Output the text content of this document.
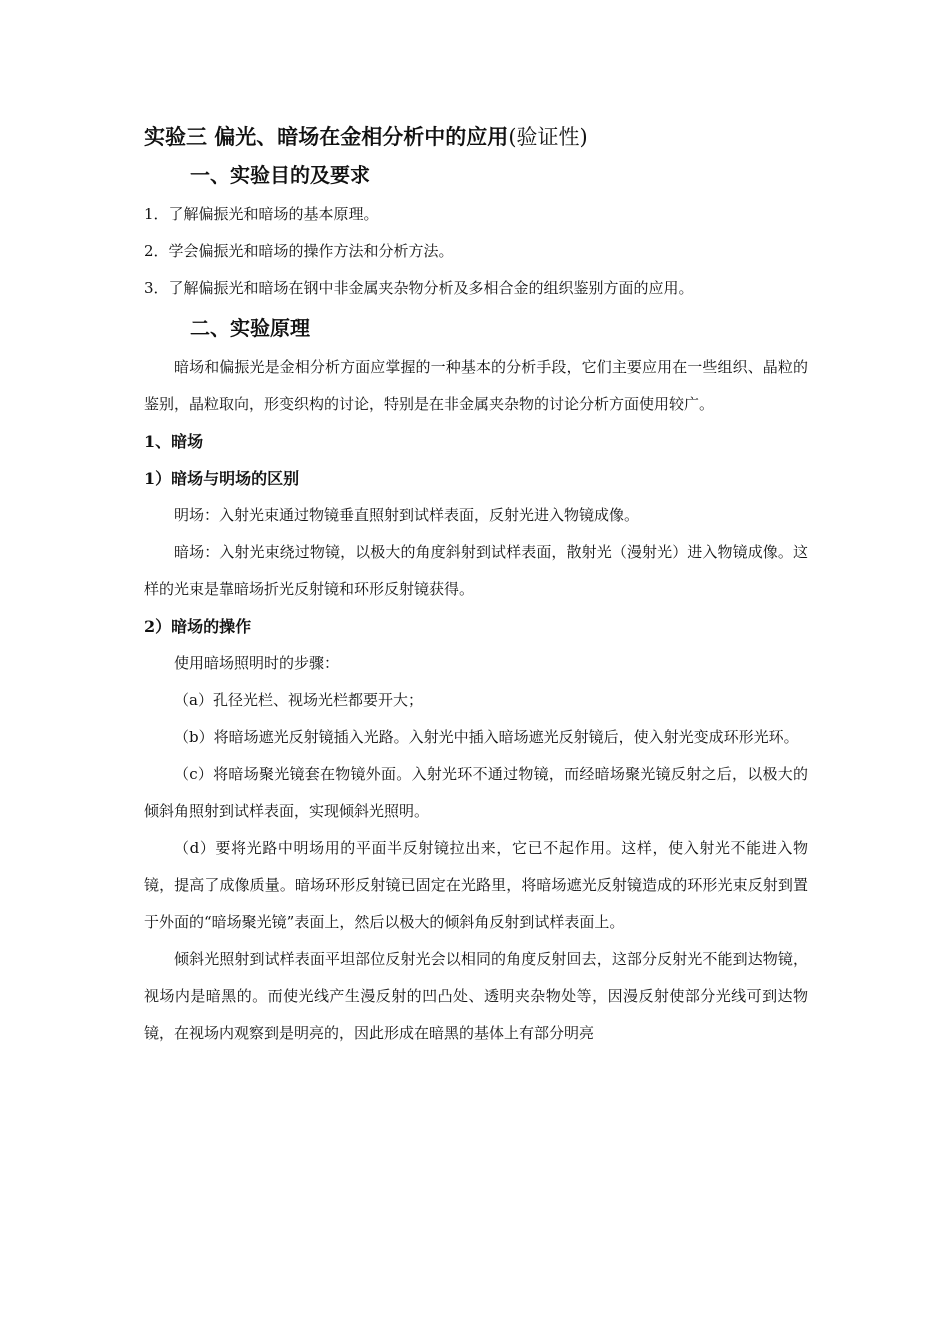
实验三 偏光、暗场在金相分析中的应用(验证性)
一、实验目的及要求

1．了解偏振光和暗场的基本原理。

2．学会偏振光和暗场的操作方法和分析方法。

3．了解偏振光和暗场在钢中非金属夹杂物分析及多相合金的组织鉴别方面的应用。

二、实验原理

暗场和偏振光是金相分析方面应掌握的一种基本的分析手段，它们主要应用在一些组织、晶粒的鉴别，晶粒取向，形变织构的讨论，特别是在非金属夹杂物的讨论分析方面使用较广。

1、暗场

1）暗场与明场的区别

明场：入射光束通过物镜垂直照射到试样表面，反射光进入物镜成像。

暗场：入射光束绕过物镜，以极大的角度斜射到试样表面，散射光（漫射光）进入物镜成像。这样的光束是靠暗场折光反射镜和环形反射镜获得。

2）暗场的操作

使用暗场照明时的步骤：

（a）孔径光栏、视场光栏都要开大；

（b）将暗场遮光反射镜插入光路。入射光中插入暗场遮光反射镜后，使入射光变成环形光环。

（c）将暗场聚光镜套在物镜外面。入射光环不通过物镜，而经暗场聚光镜反射之后，以极大的倾斜角照射到试样表面，实现倾斜光照明。

（d）要将光路中明场用的平面半反射镜拉出来，它已不起作用。这样，使入射光不能进入物镜，提高了成像质量。暗场环形反射镜已固定在光路里，将暗场遮光反射镜造成的环形光束反射到置于外面的“暗场聚光镜”表面上，然后以极大的倾斜角反射到试样表面上。

倾斜光照射到试样表面平坦部位反射光会以相同的角度反射回去，这部分反射光不能到达物镜，视场内是暗黑的。而使光线产生漫反射的凹凸处、透明夹杂物处等，因漫反射使部分光线可到达物镜，在视场内观察到是明亮的，因此形成在暗黑的基体上有部分明亮
